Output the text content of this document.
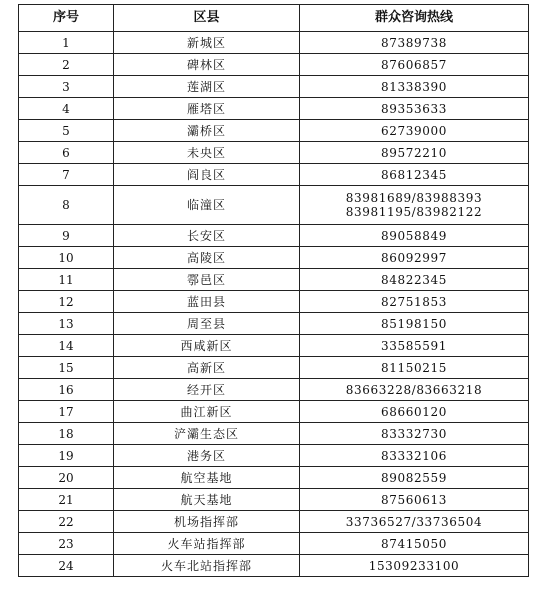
序号	区县	群众咨询热线
1	新城区	87389738

2	碑林区	87606857

3	莲湖区	81338390

4	雁塔区	89353633

5	灞桥区	62739000

6	未央区	89572210

7	阎良区	86812345

8	临潼区	83981689/83988393
83981195/83982122

9	长安区	89058849

10	高陵区	86092997

11	鄠邑区	84822345

12	蓝田县	82751853

13	周至县	85198150

14	西咸新区	33585591

15	高新区	81150215

16	经开区	83663228/83663218

17	曲江新区	68660120

18	浐灞生态区	83332730

19	港务区	83332106

20	航空基地	89082559

21	航天基地	87560613

22	机场指挥部	33736527/33736504

23	火车站指挥部	87415050

24	火车北站指挥部	15309233100
